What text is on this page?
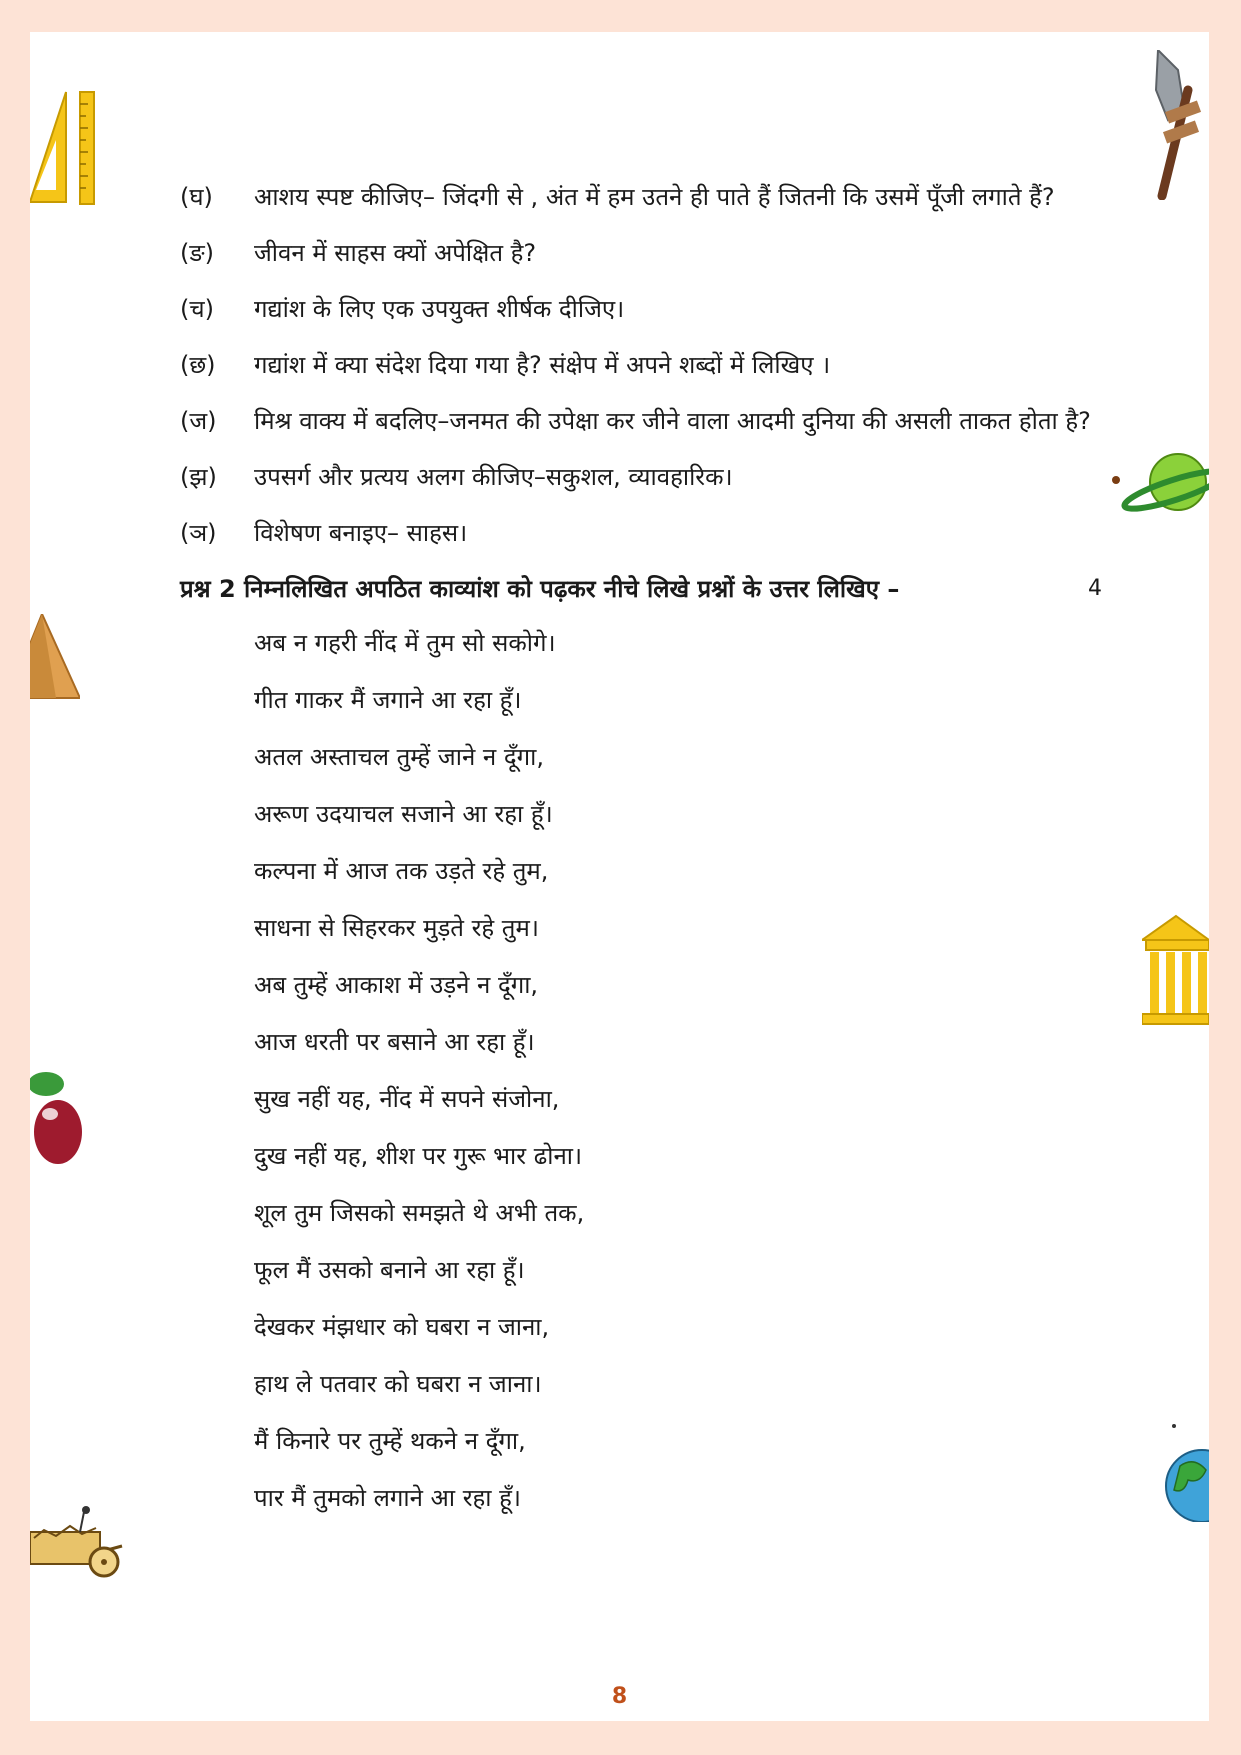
(घ)	आशय स्पष्ट कीजिए– जिंदगी से , अंत में हम उतने ही पाते हैं जितनी कि उसमें पूँजी लगाते हैं?
(ङ)	जीवन में साहस क्यों अपेक्षित है?
(च)	गद्यांश के लिए एक उपयुक्त शीर्षक दीजिए।
(छ)	गद्यांश में क्या संदेश दिया गया है? संक्षेप में अपने शब्दों में लिखिए ।
(ज)	मिश्र वाक्य में बदलिए–जनमत की उपेक्षा कर जीने वाला आदमी दुनिया की असली ताकत होता है?
(झ)	उपसर्ग और प्रत्यय अलग कीजिए–सकुशल, व्यावहारिक।
(ञ)	विशेषण बनाइए– साहस।
प्रश्न 2 निम्नलिखित अपठित काव्यांश को पढ़कर नीचे लिखे प्रश्नों के उत्तर लिखिए –	4
अब न गहरी नींद में तुम सो सकोगे।
गीत गाकर मैं जगाने आ रहा हूँ।
अतल अस्ताचल तुम्हें जाने न दूँगा,
अरूण उदयाचल सजाने आ रहा हूँ।
कल्पना में आज तक उड़ते रहे तुम,
साधना से सिहरकर मुड़ते रहे तुम।
अब तुम्हें आकाश में उड़ने न दूँगा,
आज धरती पर बसाने आ रहा हूँ।
सुख नहीं यह, नींद में सपने संजोना,
दुख नहीं यह, शीश पर गुरू भार ढोना।
शूल तुम जिसको समझते थे अभी तक,
फूल मैं उसको बनाने आ रहा हूँ।
देखकर मंझधार को घबरा न जाना,
हाथ ले पतवार को घबरा न जाना।
मैं किनारे पर तुम्हें थकने न दूँगा,
पार मैं तुमको लगाने आ रहा हूँ।
8
